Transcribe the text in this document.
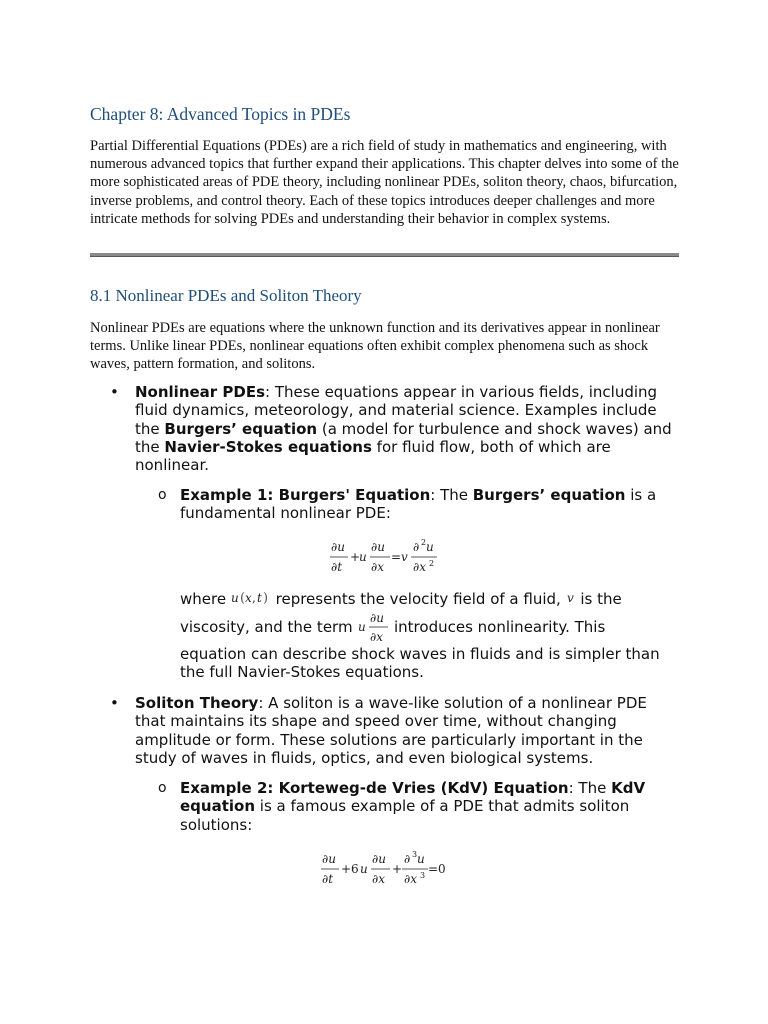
Chapter 8: Advanced Topics in PDEs

Partial Differential Equations (PDEs) are a rich field of study in mathematics and engineering, with numerous advanced topics that further expand their applications. This chapter delves into some of the more sophisticated areas of PDE theory, including nonlinear PDEs, soliton theory, chaos, bifurcation, inverse problems, and control theory. Each of these topics introduces deeper challenges and more intricate methods for solving PDEs and understanding their behavior in complex systems.

8.1 Nonlinear PDEs and Soliton Theory

Nonlinear PDEs are equations where the unknown function and its derivatives appear in nonlinear terms. Unlike linear PDEs, nonlinear equations often exhibit complex phenomena such as shock waves, pattern formation, and solitons.

• Nonlinear PDEs: These equations appear in various fields, including fluid dynamics, meteorology, and material science. Examples include the Burgers’ equation (a model for turbulence and shock waves) and the Navier-Stokes equations for fluid flow, both of which are nonlinear.
o Example 1: Burgers' Equation: The Burgers’ equation is a fundamental nonlinear PDE:
∂u
∂t
+
u
∂u
∂x
= v
∂ 2 u
∂x 2
where u ( x , t ) represents the velocity field of a fluid, v is the
viscosity, and the term u
∂u
∂x
introduces nonlinearity. This
equation can describe shock waves in fluids and is simpler than the full Navier-Stokes equations.
• Soliton Theory: A soliton is a wave-like solution of a nonlinear PDE that maintains its shape and speed over time, without changing amplitude or form. These solutions are particularly important in the study of waves in fluids, optics, and even biological systems.
o Example 2: Korteweg-de Vries (KdV) Equation: The KdV equation is a famous example of a PDE that admits soliton solutions:
∂u
∂t
+6 u
∂u
∂x
+
∂ 3 u
∂x 3 =0
